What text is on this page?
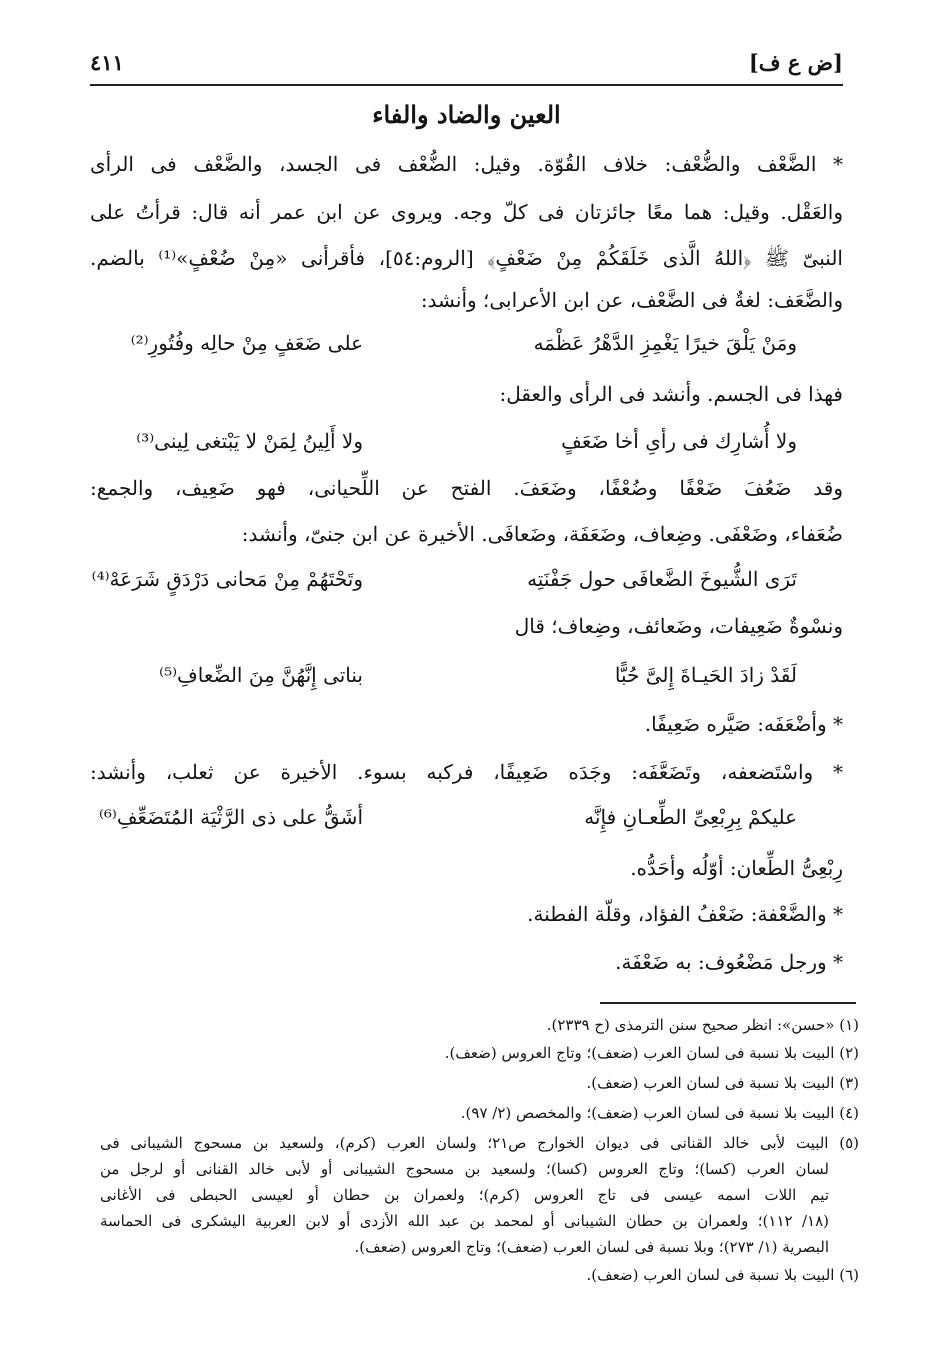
[ض ع ف]
٤١١
العين والضاد والفاء
* الضَّعْف والضُّعْف: خلاف القُوّة. وقيل: الضُّعْف فى الجسد، والضَّعْف فى الرأى
والعَقْل. وقيل: هما معًا جائزتان فى كلّ وجه. ويروى عن ابن عمر أنه قال: قرأتُ على
النبىّ ﷺ ﴿اللهُ الَّذى خَلَقَكُمْ مِنْ ضَعْفٍ﴾ [الروم:٥٤]، فأقرأنى «مِنْ ضُعْفٍ»⁽¹⁾ بالضم.
والضَّعَف: لغةٌ فى الضَّعْف، عن ابن الأعرابى؛ وأنشد:
ومَنْ يَلْقَ خيرًا يَغْمِزِ الدَّهْرُ عَظْمَه
على ضَعَفٍ مِنْ حالِه وفُتُورِ⁽²⁾
فهذا فى الجسم. وأنشد فى الرأى والعقل:
ولا أُشارِك فى رأىِ أخا ضَعَفٍ
ولا أَلِينُ لِمَنْ لا يَبْتغى لِينى⁽³⁾
وقد ضَعُفَ ضَعْفًا وضُعْفًا، وضَعَفَ. الفتح عن اللِّحيانى، فهو ضَعِيف، والجمع:
ضُعَفاء، وضَعْفَى. وضِعاف، وضَعَفَة، وضَعافَى. الأخيرة عن ابن جنىّ، وأنشد:
تَرَى الشُّيوخَ الضَّعافَى حول جَفْنَتِه
وتَحْتَهُمْ مِنْ مَحانى دَرْدَقٍ شَرَعَهْ⁽⁴⁾
ونسْوةٌ ضَعِيفات، وضَعائف، وضِعاف؛ قال
لَقَدْ زادَ الحَيـاةَ إِلىَّ حُبًّا
بناتى إِنَّهُنَّ مِنَ الضِّعافِ⁽⁵⁾
* وأضْعَفَه: صَيَّره ضَعِيفًا.
* واسْتَضعفه، وتَضَعَّفَه: وجَدَه ضَعِيفًا، فركبه بسوء. الأخيرة عن ثعلب، وأنشد:
عليكمْ بِرِبْعِىِّ الطِّعـانِ فإِنَّه
أشَقُّ على ذى الرَّثْيَة المُتَضَعِّفِ⁽⁶⁾
رِبْعِىُّ الطِّعان: أوّلُه وأحَدُّه.
* والضَّعْفة: ضَعْفُ الفؤاد، وقلّة الفطنة.
* ورجل مَضْعُوف: به ضَعْفَة.
(١) «حسن»: انظر صحيح سنن الترمذى (ح ٢٣٣٩).
(٢) البيت بلا نسبة فى لسان العرب (ضعف)؛ وتاج العروس (ضعف).
(٣) البيت بلا نسبة فى لسان العرب (ضعف).
(٤) البيت بلا نسبة فى لسان العرب (ضعف)؛ والمخصص (٢/ ٩٧).
(٥) البيت لأبى خالد القنانى فى ديوان الخوارج ص٢١؛ ولسان العرب (كرم)، ولسعيد بن مسحوج الشيبانى فى
لسان العرب (كسا)؛ وتاج العروس (كسا)؛ ولسعيد بن مسحوج الشيبانى أو لأبى خالد القنانى أو لرجل من
تيم اللات اسمه عيسى فى تاج العروس (كرم)؛ ولعمران بن حطان أو لعيسى الحبطى فى الأغانى
(١٨/ ١١٢)؛ ولعمران بن حطان الشيبانى أو لمحمد بن عبد الله الأزدى أو لابن العربية اليشكرى فى الحماسة
البصرية (١/ ٢٧٣)؛ وبلا نسبة فى لسان العرب (ضعف)؛ وتاج العروس (ضعف).
(٦) البيت بلا نسبة فى لسان العرب (ضعف).
